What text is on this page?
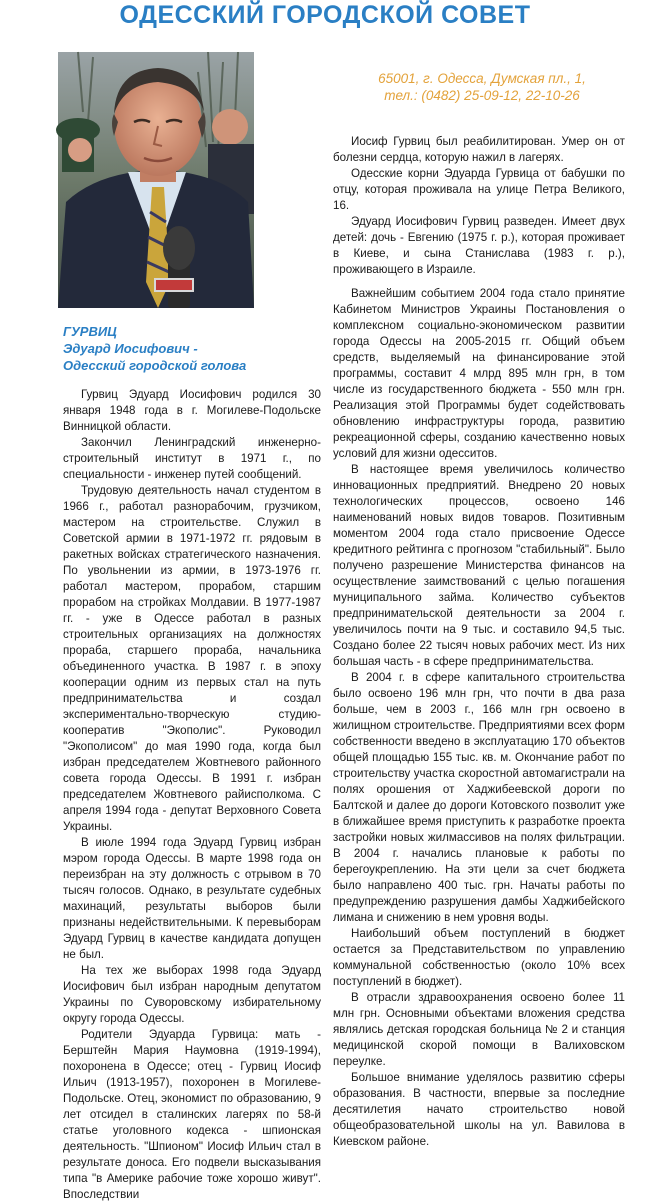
ОДЕССКИЙ ГОРОДСКОЙ СОВЕТ
ГУРВИЦ
Эдуард Иосифович -
Одесский городской голова
65001, г. Одесса, Думская пл., 1,
тел.: (0482) 25-09-12, 22-10-26

Гурвиц Эдуард Иосифович родился 30 января 1948 года в г. Могилеве-Подольске Винницкой области.

Закончил Ленинградский инженерно-строительный институт в 1971 г., по специальности - инженер путей сообщений.

Трудовую деятельность начал студентом в 1966 г., работал разнорабочим, грузчиком, мастером на строительстве. Служил в Советской армии в 1971-1972 гг. рядовым в ракетных войсках стратегического назначения. По увольнении из армии, в 1973-1976 гг. работал мастером, прорабом, старшим прорабом на стройках Молдавии. В 1977-1987 гг. - уже в Одессе работал в разных строительных организациях на должностях прораба, старшего прораба, начальника объединенного участка. В 1987 г. в эпоху кооперации одним из первых стал на путь предпринимательства и создал экспериментально-творческую студию-кооператив "Экополис". Руководил "Экополисом" до мая 1990 года, когда был избран председателем Жовтневого районного совета города Одессы. В 1991 г. избран председателем Жовтневого райисполкома. С апреля 1994 года - депутат Верховного Совета Украины.

В июле 1994 года Эдуард Гурвиц избран мэром города Одессы. В марте 1998 года он переизбран на эту должность с отрывом в 70 тысяч голосов. Однако, в результате судебных махинаций, результаты выборов были признаны недействительными. К перевыборам Эдуард Гурвиц в качестве кандидата допущен не был.

На тех же выборах 1998 года Эдуард Иосифович был избран народным депутатом Украины по Суворовскому избирательному округу города Одессы.

Родители Эдуарда Гурвица: мать - Берштейн Мария Наумовна (1919-1994), похоронена в Одессе; отец - Гурвиц Иосиф Ильич (1913-1957), похоронен в Могилеве-Подольске. Отец, экономист по образованию, 9 лет отсидел в сталинских лагерях по 58-й статье уголовного кодекса - шпионская деятельность. "Шпионом" Иосиф Ильич стал в результате доноса. Его подвели высказывания типа "в Америке рабочие тоже хорошо живут". Впоследствии

Иосиф Гурвиц был реабилитирован. Умер он от болезни сердца, которую нажил в лагерях.

Одесские корни Эдуарда Гурвица от бабушки по отцу, которая проживала на улице Петра Великого, 16.

Эдуард Иосифович Гурвиц разведен. Имеет двух детей: дочь - Евгению (1975 г. р.), которая проживает в Киеве, и сына Станислава (1983 г. р.), проживающего в Израиле.

Важнейшим событием 2004 года стало принятие Кабинетом Министров Украины Постановления о комплексном социально-экономическом развитии города Одессы на 2005-2015 гг. Общий объем средств, выделяемый на финансирование этой программы, составит 4 млрд 895 млн грн, в том числе из государственного бюджета - 550 млн грн. Реализация этой Программы будет содействовать обновлению инфраструктуры города, развитию рекреационной сферы, созданию качественно новых условий для жизни одесситов.

В настоящее время увеличилось количество инновационных предприятий. Внедрено 20 новых технологических процессов, освоено 146 наименований новых видов товаров. Позитивным моментом 2004 года стало присвоение Одессе кредитного рейтинга с прогнозом "стабильный". Было получено разрешение Министерства финансов на осуществление заимствований с целью погашения муниципального займа. Количество субъектов предпринимательской деятельности за 2004 г. увеличилось почти на 9 тыс. и составило 94,5 тыс. Создано более 22 тысяч новых рабочих мест. Из них большая часть - в сфере предпринимательства.

В 2004 г. в сфере капитального строительства было освоено 196 млн грн, что почти в два раза больше, чем в 2003 г., 166 млн грн освоено в жилищном строительстве. Предприятиями всех форм собственности введено в эксплуатацию 170 объектов общей площадью 155 тыс. кв. м. Окончание работ по строительству участка скоростной автомагистрали на полях орошения от Хаджибеевской дороги по Балтской и далее до дороги Котовского позволит уже в ближайшее время приступить к разработке проекта застройки новых жилмассивов на полях фильтрации. В 2004 г. начались плановые к работы по берегоукреплению. На эти цели за счет бюджета было направлено 400 тыс. грн. Начаты работы по предупреждению разрушения дамбы Хаджибейского лимана и снижению в нем уровня воды.

Наибольший объем поступлений в бюджет остается за Представительством по управлению коммунальной собственностью (около 10% всех поступлений в бюджет).

В отрасли здравоохранения освоено более 11 млн грн. Основными объектами вложения средства являлись детская городская больница № 2 и станция медицинской скорой помощи в Валиховском переулке.

Большое внимание уделялось развитию сферы образования. В частности, впервые за последние десятилетия начато строительство новой общеобразовательной школы на ул. Вавилова в Киевском районе.
